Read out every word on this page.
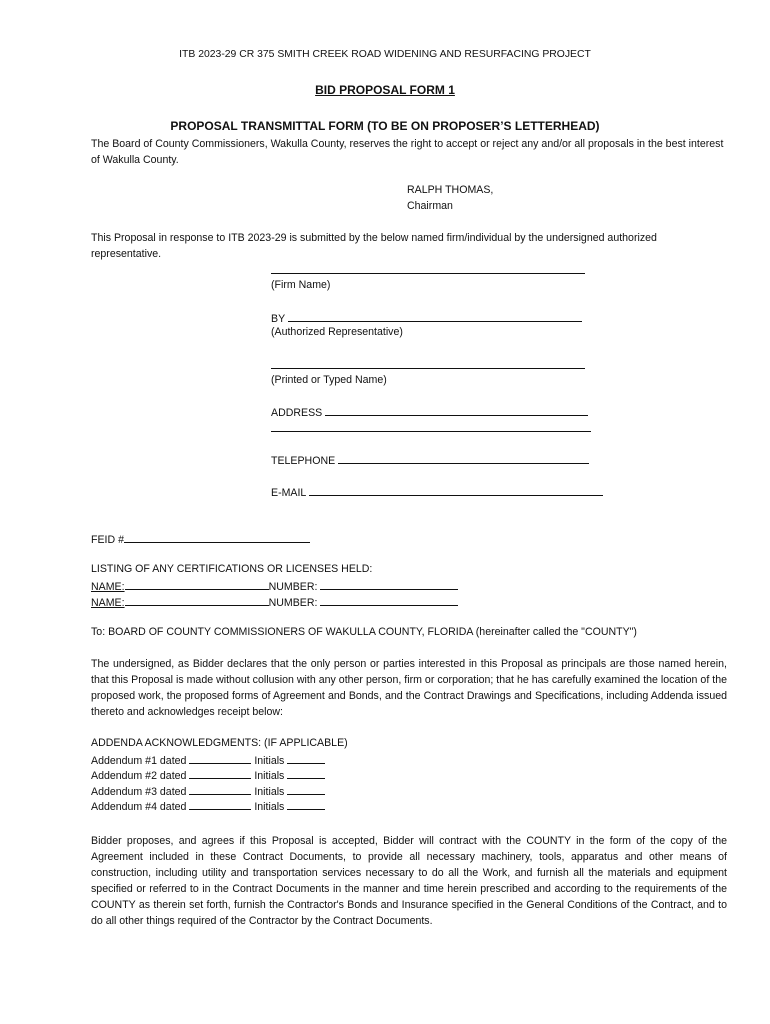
ITB 2023-29 CR 375 SMITH CREEK ROAD WIDENING AND RESURFACING PROJECT
BID PROPOSAL FORM 1
PROPOSAL TRANSMITTAL FORM (TO BE ON PROPOSER’S LETTERHEAD)
The Board of County Commissioners, Wakulla County, reserves the right to accept or reject any and/or all proposals in the best interest of Wakulla County.
RALPH THOMAS,
Chairman
This Proposal in response to ITB 2023-29 is submitted by the below named firm/individual by the undersigned authorized representative.
(Firm Name)
BY
(Authorized Representative)
(Printed or Typed Name)
ADDRESS
TELEPHONE
E-MAIL
FEID #
LISTING OF ANY CERTIFICATIONS OR LICENSES HELD:
NAME:	NUMBER:
NAME:	NUMBER:
To: BOARD OF COUNTY COMMISSIONERS OF WAKULLA COUNTY, FLORIDA (hereinafter called the "COUNTY")
The undersigned, as Bidder declares that the only person or parties interested in this Proposal as principals are those named herein, that this Proposal is made without collusion with any other person, firm or corporation; that he has carefully examined the location of the proposed work, the proposed forms of Agreement and Bonds, and the Contract Drawings and Specifications, including Addenda issued thereto and acknowledges receipt below:
ADDENDA ACKNOWLEDGMENTS: (IF APPLICABLE)
Addendum #1 dated	Initials
Addendum #2 dated	Initials
Addendum #3 dated	Initials
Addendum #4 dated	Initials
Bidder proposes, and agrees if this Proposal is accepted, Bidder will contract with the COUNTY in the form of the copy of the Agreement included in these Contract Documents, to provide all necessary machinery, tools, apparatus and other means of construction, including utility and transportation services necessary to do all the Work, and furnish all the materials and equipment specified or referred to in the Contract Documents in the manner and time herein prescribed and according to the requirements of the COUNTY as therein set forth, furnish the Contractor's Bonds and Insurance specified in the General Conditions of the Contract, and to do all other things required of the Contractor by the Contract Documents.
